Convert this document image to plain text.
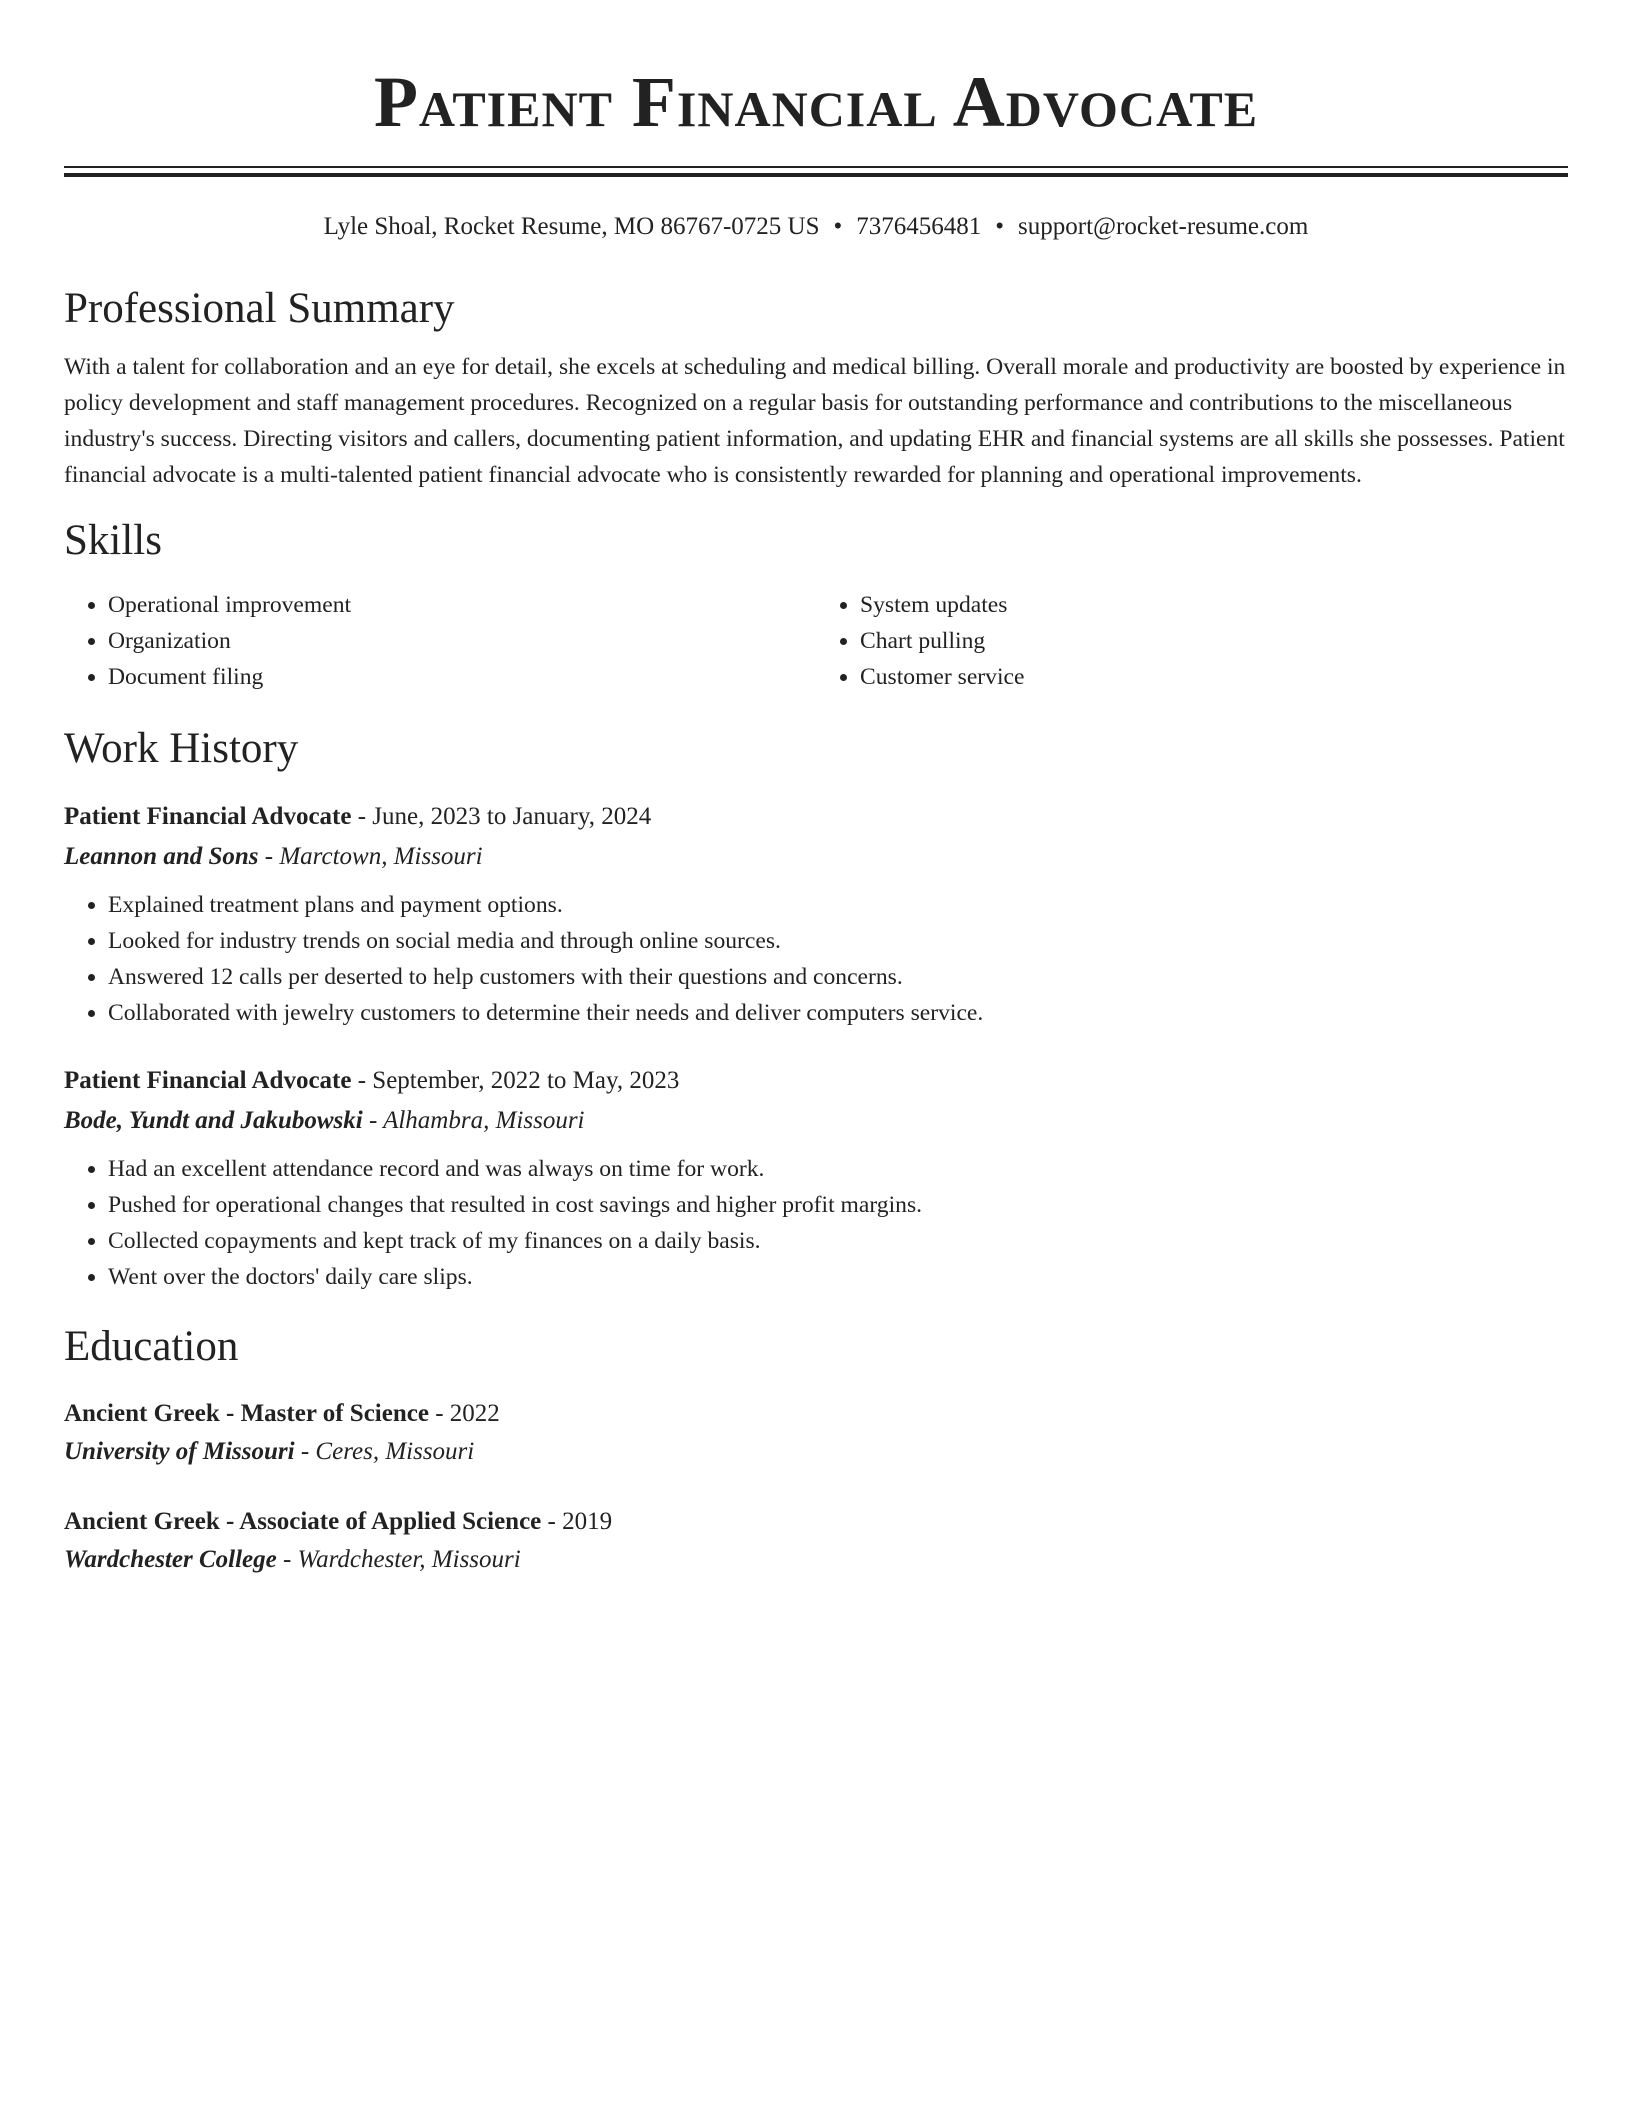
Patient Financial Advocate
Lyle Shoal, Rocket Resume, MO 86767-0725 US • 7376456481 • support@rocket-resume.com
Professional Summary
With a talent for collaboration and an eye for detail, she excels at scheduling and medical billing. Overall morale and productivity are boosted by experience in policy development and staff management procedures. Recognized on a regular basis for outstanding performance and contributions to the miscellaneous industry's success. Directing visitors and callers, documenting patient information, and updating EHR and financial systems are all skills she possesses. Patient financial advocate is a multi-talented patient financial advocate who is consistently rewarded for planning and operational improvements.
Skills
• Operational improvement
• Organization
• Document filing
• System updates
• Chart pulling
• Customer service
Work History
Patient Financial Advocate - June, 2023 to January, 2024
Leannon and Sons - Marctown, Missouri
• Explained treatment plans and payment options.
• Looked for industry trends on social media and through online sources.
• Answered 12 calls per deserted to help customers with their questions and concerns.
• Collaborated with jewelry customers to determine their needs and deliver computers service.
Patient Financial Advocate - September, 2022 to May, 2023
Bode, Yundt and Jakubowski - Alhambra, Missouri
• Had an excellent attendance record and was always on time for work.
• Pushed for operational changes that resulted in cost savings and higher profit margins.
• Collected copayments and kept track of my finances on a daily basis.
• Went over the doctors' daily care slips.
Education
Ancient Greek - Master of Science - 2022
University of Missouri - Ceres, Missouri
Ancient Greek - Associate of Applied Science - 2019
Wardchester College - Wardchester, Missouri
